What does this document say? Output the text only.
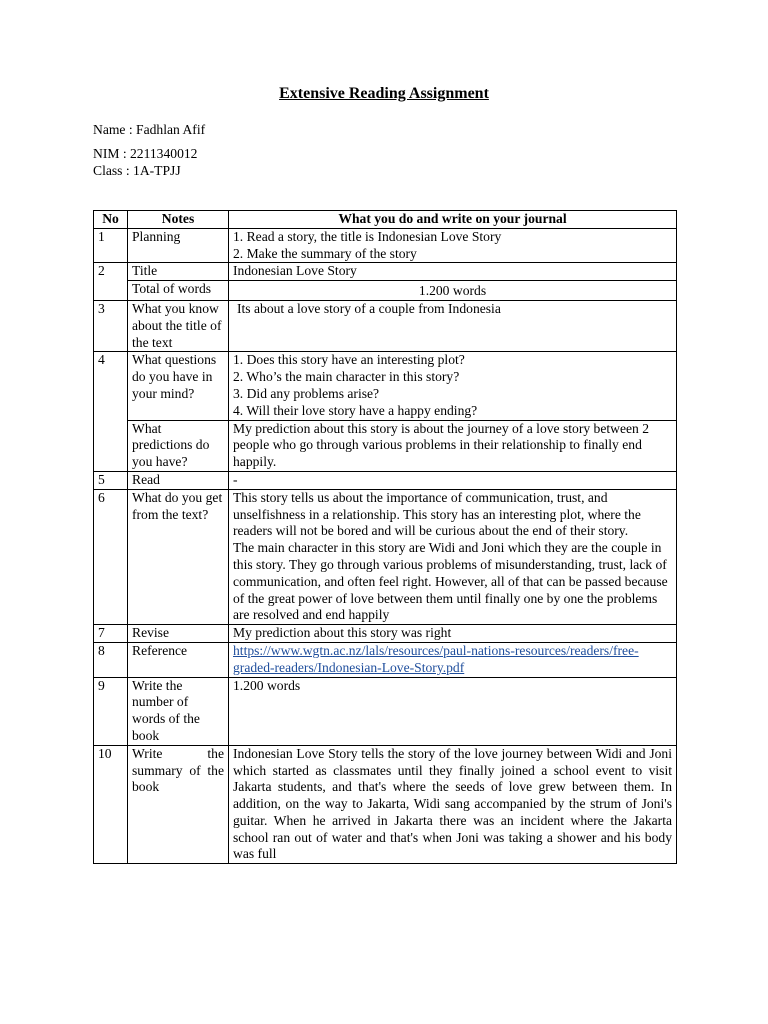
Extensive Reading Assignment
Name : Fadhlan Afif
NIM : 2211340012
Class : 1A-TPJJ
No	Notes	What you do and write on your journal
1	Planning	1. Read a story, the title is Indonesian Love Story
2. Make the summary of the story

2	Title	Indonesian Love Story
	Total of words	1.200 words
3	What you know about the title of the text	Its about a love story of a couple from Indonesia
4	What questions do you have in your mind?	1. Does this story have an interesting plot?
2. Who’s the main character in this story?
3. Did any problems arise?
4. Will their love story have a happy ending?

	What predictions do you have?	My prediction about this story is about the journey of a love story between 2 people who go through various problems in their relationship to finally end happily.
5	Read	-
6	What do you get from the text?	This story tells us about the importance of communication, trust, and unselfishness in a relationship. This story has an interesting plot, where the readers will not be bored and will be curious about the end of their story.
The main character in this story are Widi and Joni which they are the couple in this story. They go through various problems of misunderstanding, trust, lack of communication, and often feel right. However, all of that can be passed because of the great power of love between them until finally one by one the problems are resolved and end happily

7	Revise	My prediction about this story was right
8	Reference	https://www.wgtn.ac.nz/lals/resources/paul-nations-resources/readers/free-graded-readers/Indonesian-Love-Story.pdf
9	Write the number of words of the book	1.200 words
10	Write the summary of the book	Indonesian Love Story tells the story of the love journey between Widi and Joni which started as classmates until they finally joined a school event to visit Jakarta students, and that's where the seeds of love grew between them. In addition, on the way to Jakarta, Widi sang accompanied by the strum of Joni's guitar. When he arrived in Jakarta there was an incident where the Jakarta school ran out of water and that's when Joni was taking a shower and his body was full
